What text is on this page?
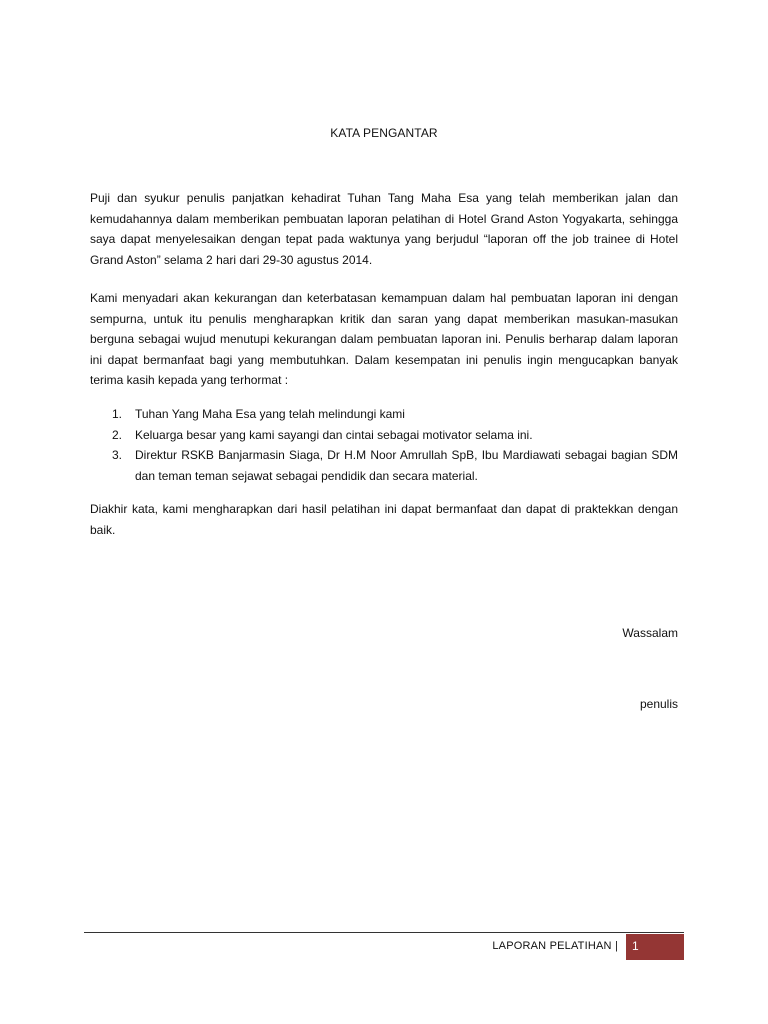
KATA PENGANTAR

Puji dan syukur penulis panjatkan kehadirat Tuhan Tang Maha Esa yang telah memberikan jalan dan kemudahannya dalam memberikan pembuatan laporan pelatihan di Hotel Grand Aston Yogyakarta, sehingga saya dapat menyelesaikan dengan tepat pada waktunya yang berjudul “laporan off the job trainee di Hotel Grand Aston” selama 2 hari dari 29-30 agustus 2014.

Kami menyadari akan kekurangan dan keterbatasan kemampuan dalam hal pembuatan laporan ini dengan sempurna, untuk itu penulis mengharapkan kritik dan saran yang dapat memberikan masukan-masukan berguna sebagai wujud menutupi kekurangan dalam pembuatan laporan ini. Penulis berharap dalam laporan ini dapat bermanfaat bagi yang membutuhkan. Dalam kesempatan ini penulis ingin mengucapkan banyak terima kasih kepada yang terhormat :

1. Tuhan Yang Maha Esa yang telah melindungi kami
2. Keluarga besar yang kami sayangi dan cintai sebagai motivator selama ini.
3. Direktur RSKB Banjarmasin Siaga, Dr H.M Noor Amrullah SpB, Ibu Mardiawati sebagai bagian SDM dan teman teman sejawat sebagai pendidik dan secara material.

Diakhir kata, kami mengharapkan dari hasil pelatihan ini dapat bermanfaat dan dapat di praktekkan dengan baik.

Wassalam

penulis

LAPORAN PELATIHAN |	1
